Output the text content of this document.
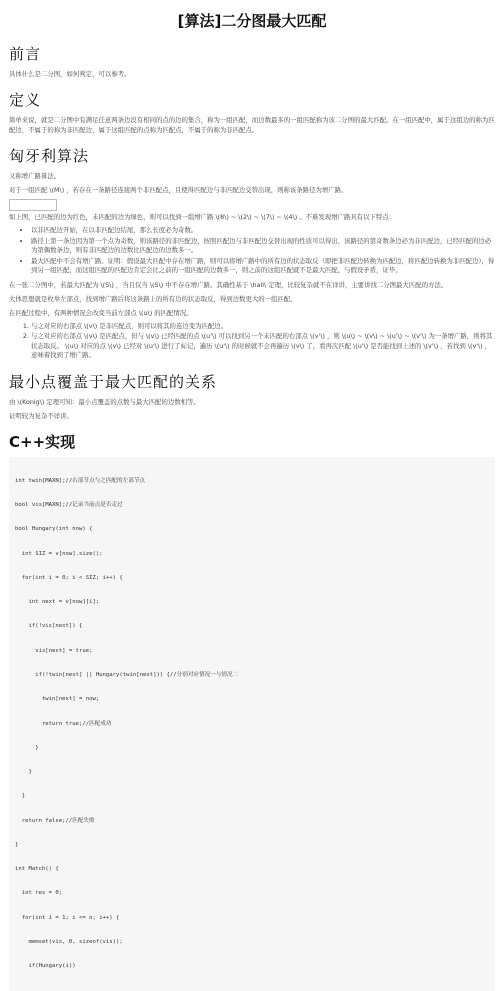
[算法]二分图最大匹配
前言

具体什么是二分图，如何判定，可以参考。

定义

简单来说，就是二分图中有满足任意两条边没有相同的点的边的集合，称为一组匹配，而边数最多的一组匹配称为该二分图的最大匹配。在一组匹配中，属于这组边的称为匹配边，不属于的称为非匹配边，属于这组匹配的点称为匹配点，不属于的称为非匹配点。

匈牙利算法

又称增广路算法。

对于一组匹配 \(M\) ，若存在一条路径连接两个非匹配点，且使得匹配边与非匹配边交替出现，则称该条路径为增广路。

如上图，已匹配的边为红色，未匹配的边为绿色，则可以找到一组增广路 \(8\) ~ \(2\) ~ \(7\) ~ \(4\) 。不难发现增广路具有以下特点：

• 以非匹配边开始，在以非匹配边结尾，那么长度必为奇数。
• 路径上第一条边因为第一个点为奇数，则该路径的非匹配边、按照匹配边与非匹配边交替出现的性质可以得出，该路径的第奇数条边必为非匹配边，已经匹配的边必为第偶数条边，则有非匹配边的边数比匹配边的边数多一。
• 最大匹配中不会有增广路。证明：假设最大匹配中存在增广路，则可以将增广路中的所有边的状态取反（即把非匹配边转换为匹配边，将匹配边转换为非匹配边），得到另一组匹配，而这组匹配的匹配边肯定会比之前的一组匹配的边数多一，则之前的这组匹配就不是最大匹配，与假设矛盾，证毕。

在一张二分图中，若最大匹配为 \(S\) ，当且仅当 \(S\) 中不存在增广路。其确性基于 \hall\ 定理，比较复杂就不在详讲，主要讲找二分图最大匹配的方法。

大体思想就是枚举左部点，找到增广路后将这条路上的所有边的状态取反，得到边数更大的一组匹配。

在匹配过程中，有两种情况会改变当前左部点 \(u\) 的匹配情况。

1. 与之对应的右部点 \(v\) 是非匹配点，则可以将其的连边变为匹配边。
2. 与之对应的右部点 \(v\) 是匹配点，但与 \(v\) 已经匹配的点 \(u'\) 可以找到另一个未匹配的右部点 \(v'\) ，则 \(u\) ~ \(v\) ~ \(u'\) ~ \(v'\) 为一条增广路，则将其状态取反。 \(u\) 对应的点 \(v\) 已经对 \(u'\) 进行了标记，遍历 \(u'\) 的时候就不会再遍历 \(v\) 了，看再次匹配 \(u'\) 是否能找到上述的 \(v'\) ，若找到 \(v'\) ，意味着找到了增广路。
最小点覆盖于最大匹配的关系

由 \(Konig\) 定理可知：最小点覆盖的点数与最大匹配的边数相等。

证明较为复杂不详讲。

C++实现

int twin[MAXN];//右部节点与之匹配的左部节点

bool vis[MAXN];//记录当前点是否走过

bool Hungary(int now) {

int SIZ = v[now].size();

for(int i = 0; i < SIZ; i++) {

int next = v[now][i];

if(!vis[next]) {

vis[next] = true;

if(!twin[next] || Hungary(twin[next])) {//分别对应情况一与情况二

twin[next] = now;

return true;//匹配成功

}

}

}

return false;//匹配失败

}

int Match() {

int res = 0;

for(int i = 1; i <= n; i++) {

memset(vis, 0, sizeof(vis));

if(Hungary(i))
